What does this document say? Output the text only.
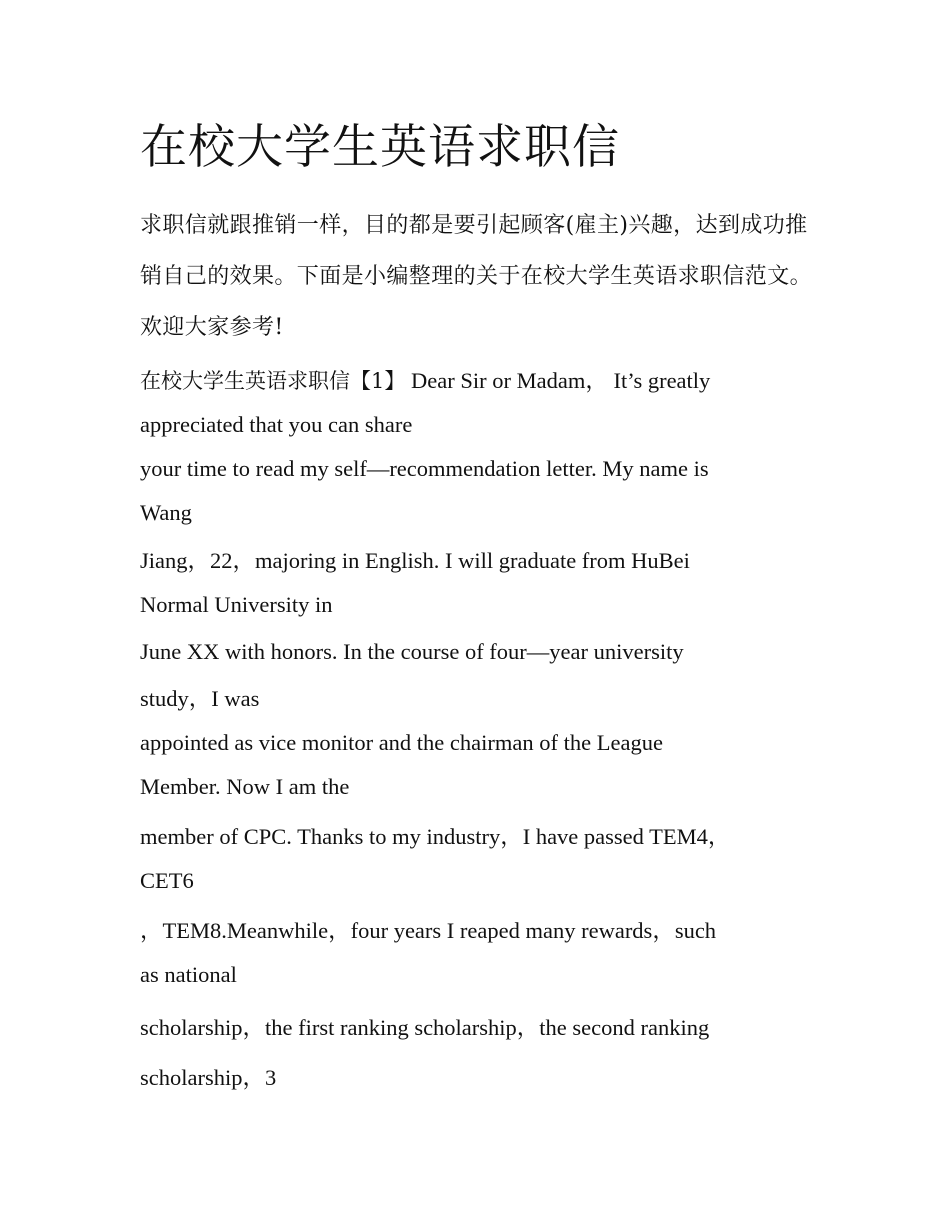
在校大学生英语求职信

求职信就跟推销一样，目的都是要引起顾客(雇主)兴趣，达到成功推销自己的效果。下面是小编整理的关于在校大学生英语求职信范文。欢迎大家参考!

在校大学生英语求职信【1】 Dear Sir or Madam， It’s greatly
appreciated that you can share
your time to read my self—recommendation letter. My name is
Wang
Jiang，22，majoring in English. I will graduate from HuBei
Normal University in
June XX with honors. In the course of four—year university
study，I was
appointed as vice monitor and the chairman of the League
Member. Now I am the
member of CPC. Thanks to my industry，I have passed TEM4，
CET6
，TEM8.Meanwhile，four years I reaped many rewards，such
as national
scholarship，the first ranking scholarship，the second ranking
scholarship，3
